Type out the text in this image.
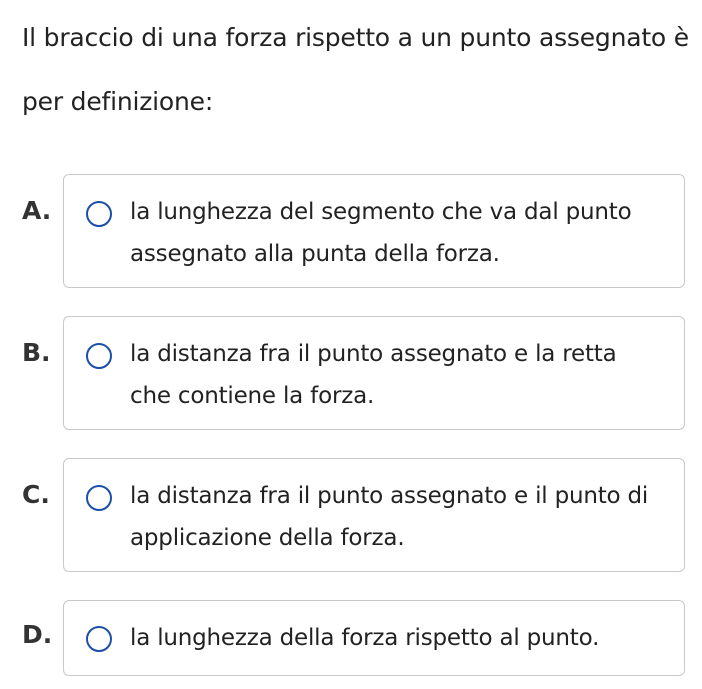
Il braccio di una forza rispetto a un punto assegnato è per definizione:
A.	la lunghezza del segmento che va dal punto assegnato alla punta della forza.
B.	la distanza fra il punto assegnato e la retta che contiene la forza.
C.	la distanza fra il punto assegnato e il punto di applicazione della forza.
D.	la lunghezza della forza rispetto al punto.
